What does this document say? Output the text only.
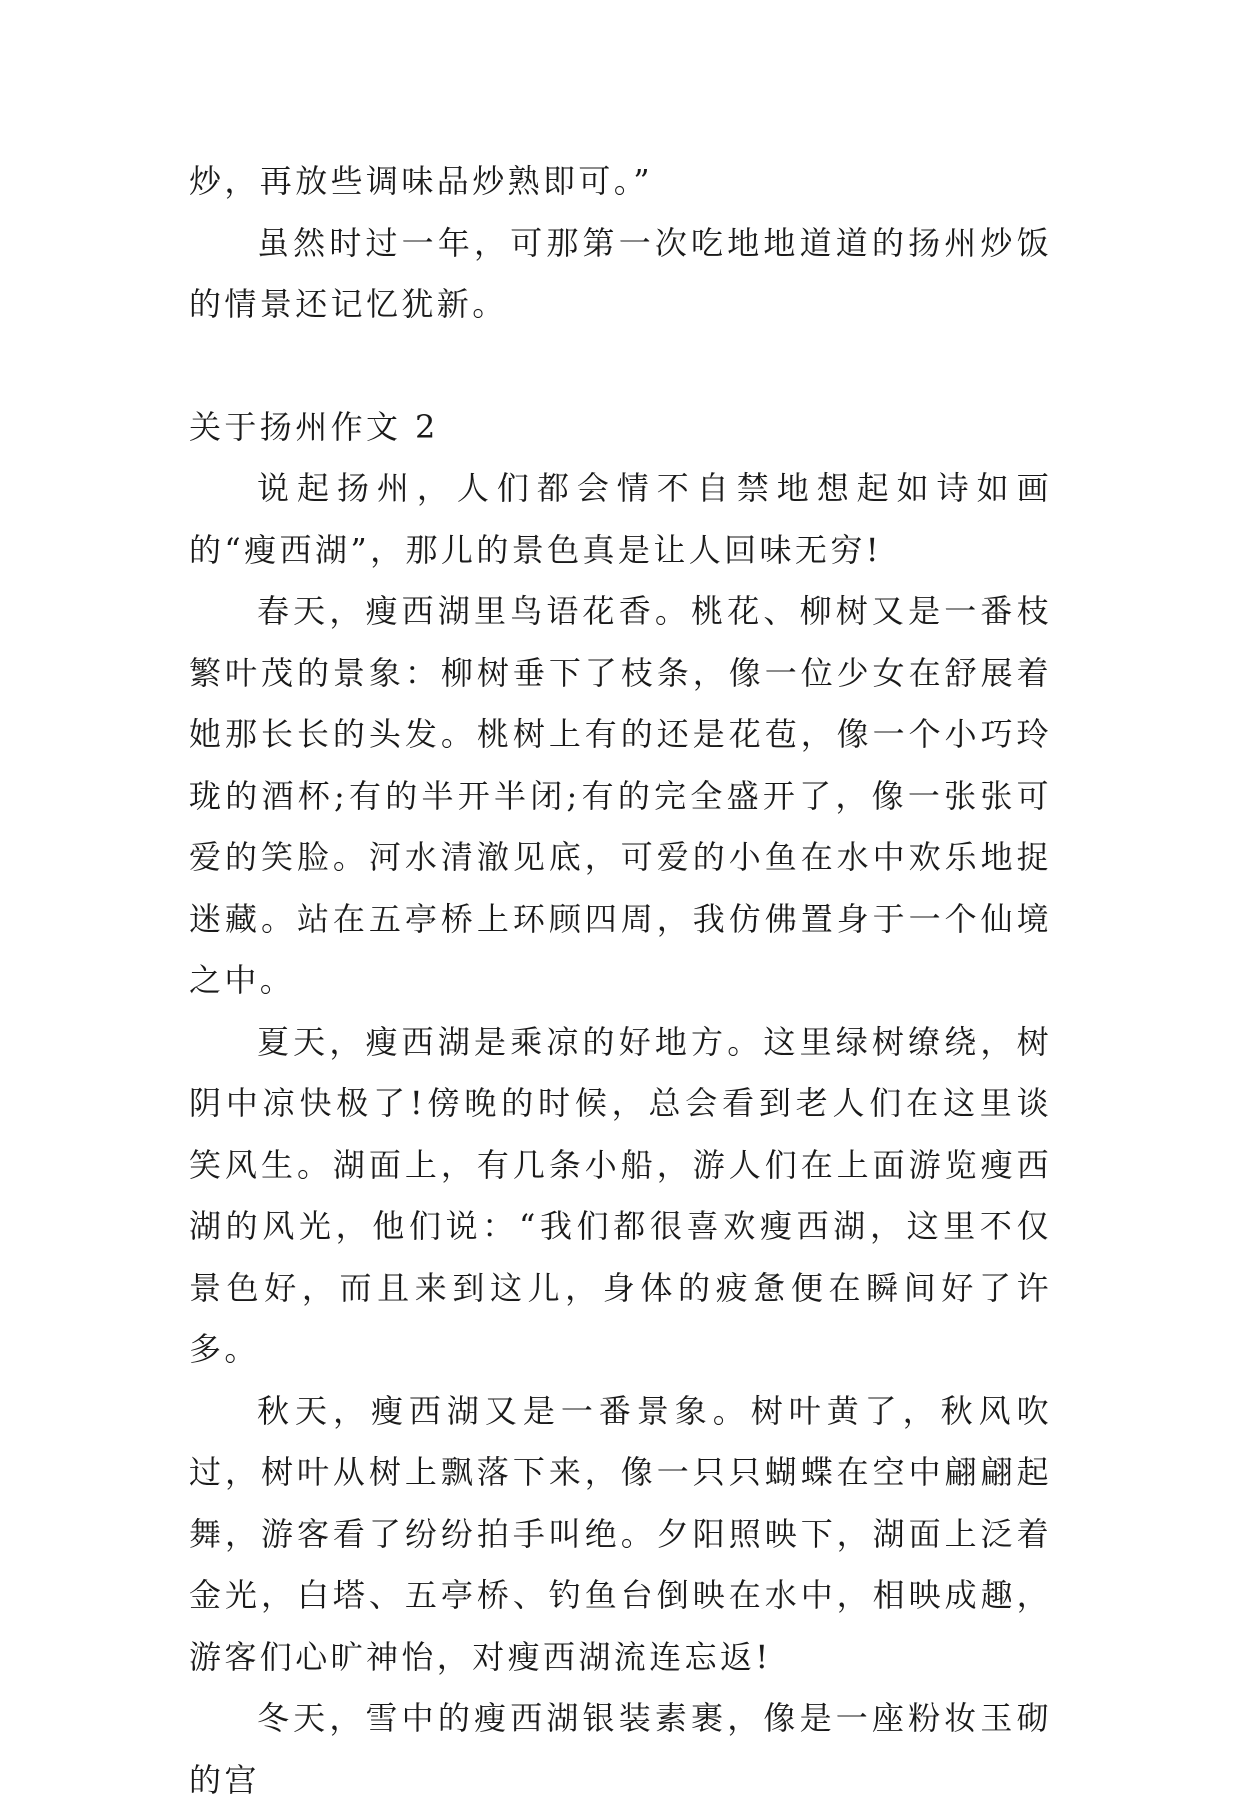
炒，再放些调味品炒熟即可。”

虽然时过一年，可那第一次吃地地道道的扬州炒饭的情景还记忆犹新。

关于扬州作文 2

说起扬州，人们都会情不自禁地想起如诗如画的“瘦西湖”，那儿的景色真是让人回味无穷!

春天，瘦西湖里鸟语花香。桃花、柳树又是一番枝繁叶茂的景象：柳树垂下了枝条，像一位少女在舒展着她那长长的头发。桃树上有的还是花苞，像一个小巧玲珑的酒杯;有的半开半闭;有的完全盛开了，像一张张可爱的笑脸。河水清澈见底，可爱的小鱼在水中欢乐地捉迷藏。站在五亭桥上环顾四周，我仿佛置身于一个仙境之中。

夏天，瘦西湖是乘凉的好地方。这里绿树缭绕，树阴中凉快极了!傍晚的时候，总会看到老人们在这里谈笑风生。湖面上，有几条小船，游人们在上面游览瘦西湖的风光，他们说：“我们都很喜欢瘦西湖，这里不仅景色好，而且来到这儿，身体的疲惫便在瞬间好了许多。

秋天，瘦西湖又是一番景象。树叶黄了，秋风吹过，树叶从树上飘落下来，像一只只蝴蝶在空中翩翩起舞，游客看了纷纷拍手叫绝。夕阳照映下，湖面上泛着金光，白塔、五亭桥、钓鱼台倒映在水中，相映成趣，游客们心旷神怡，对瘦西湖流连忘返!

冬天，雪中的瘦西湖银装素裹，像是一座粉妆玉砌的宫
